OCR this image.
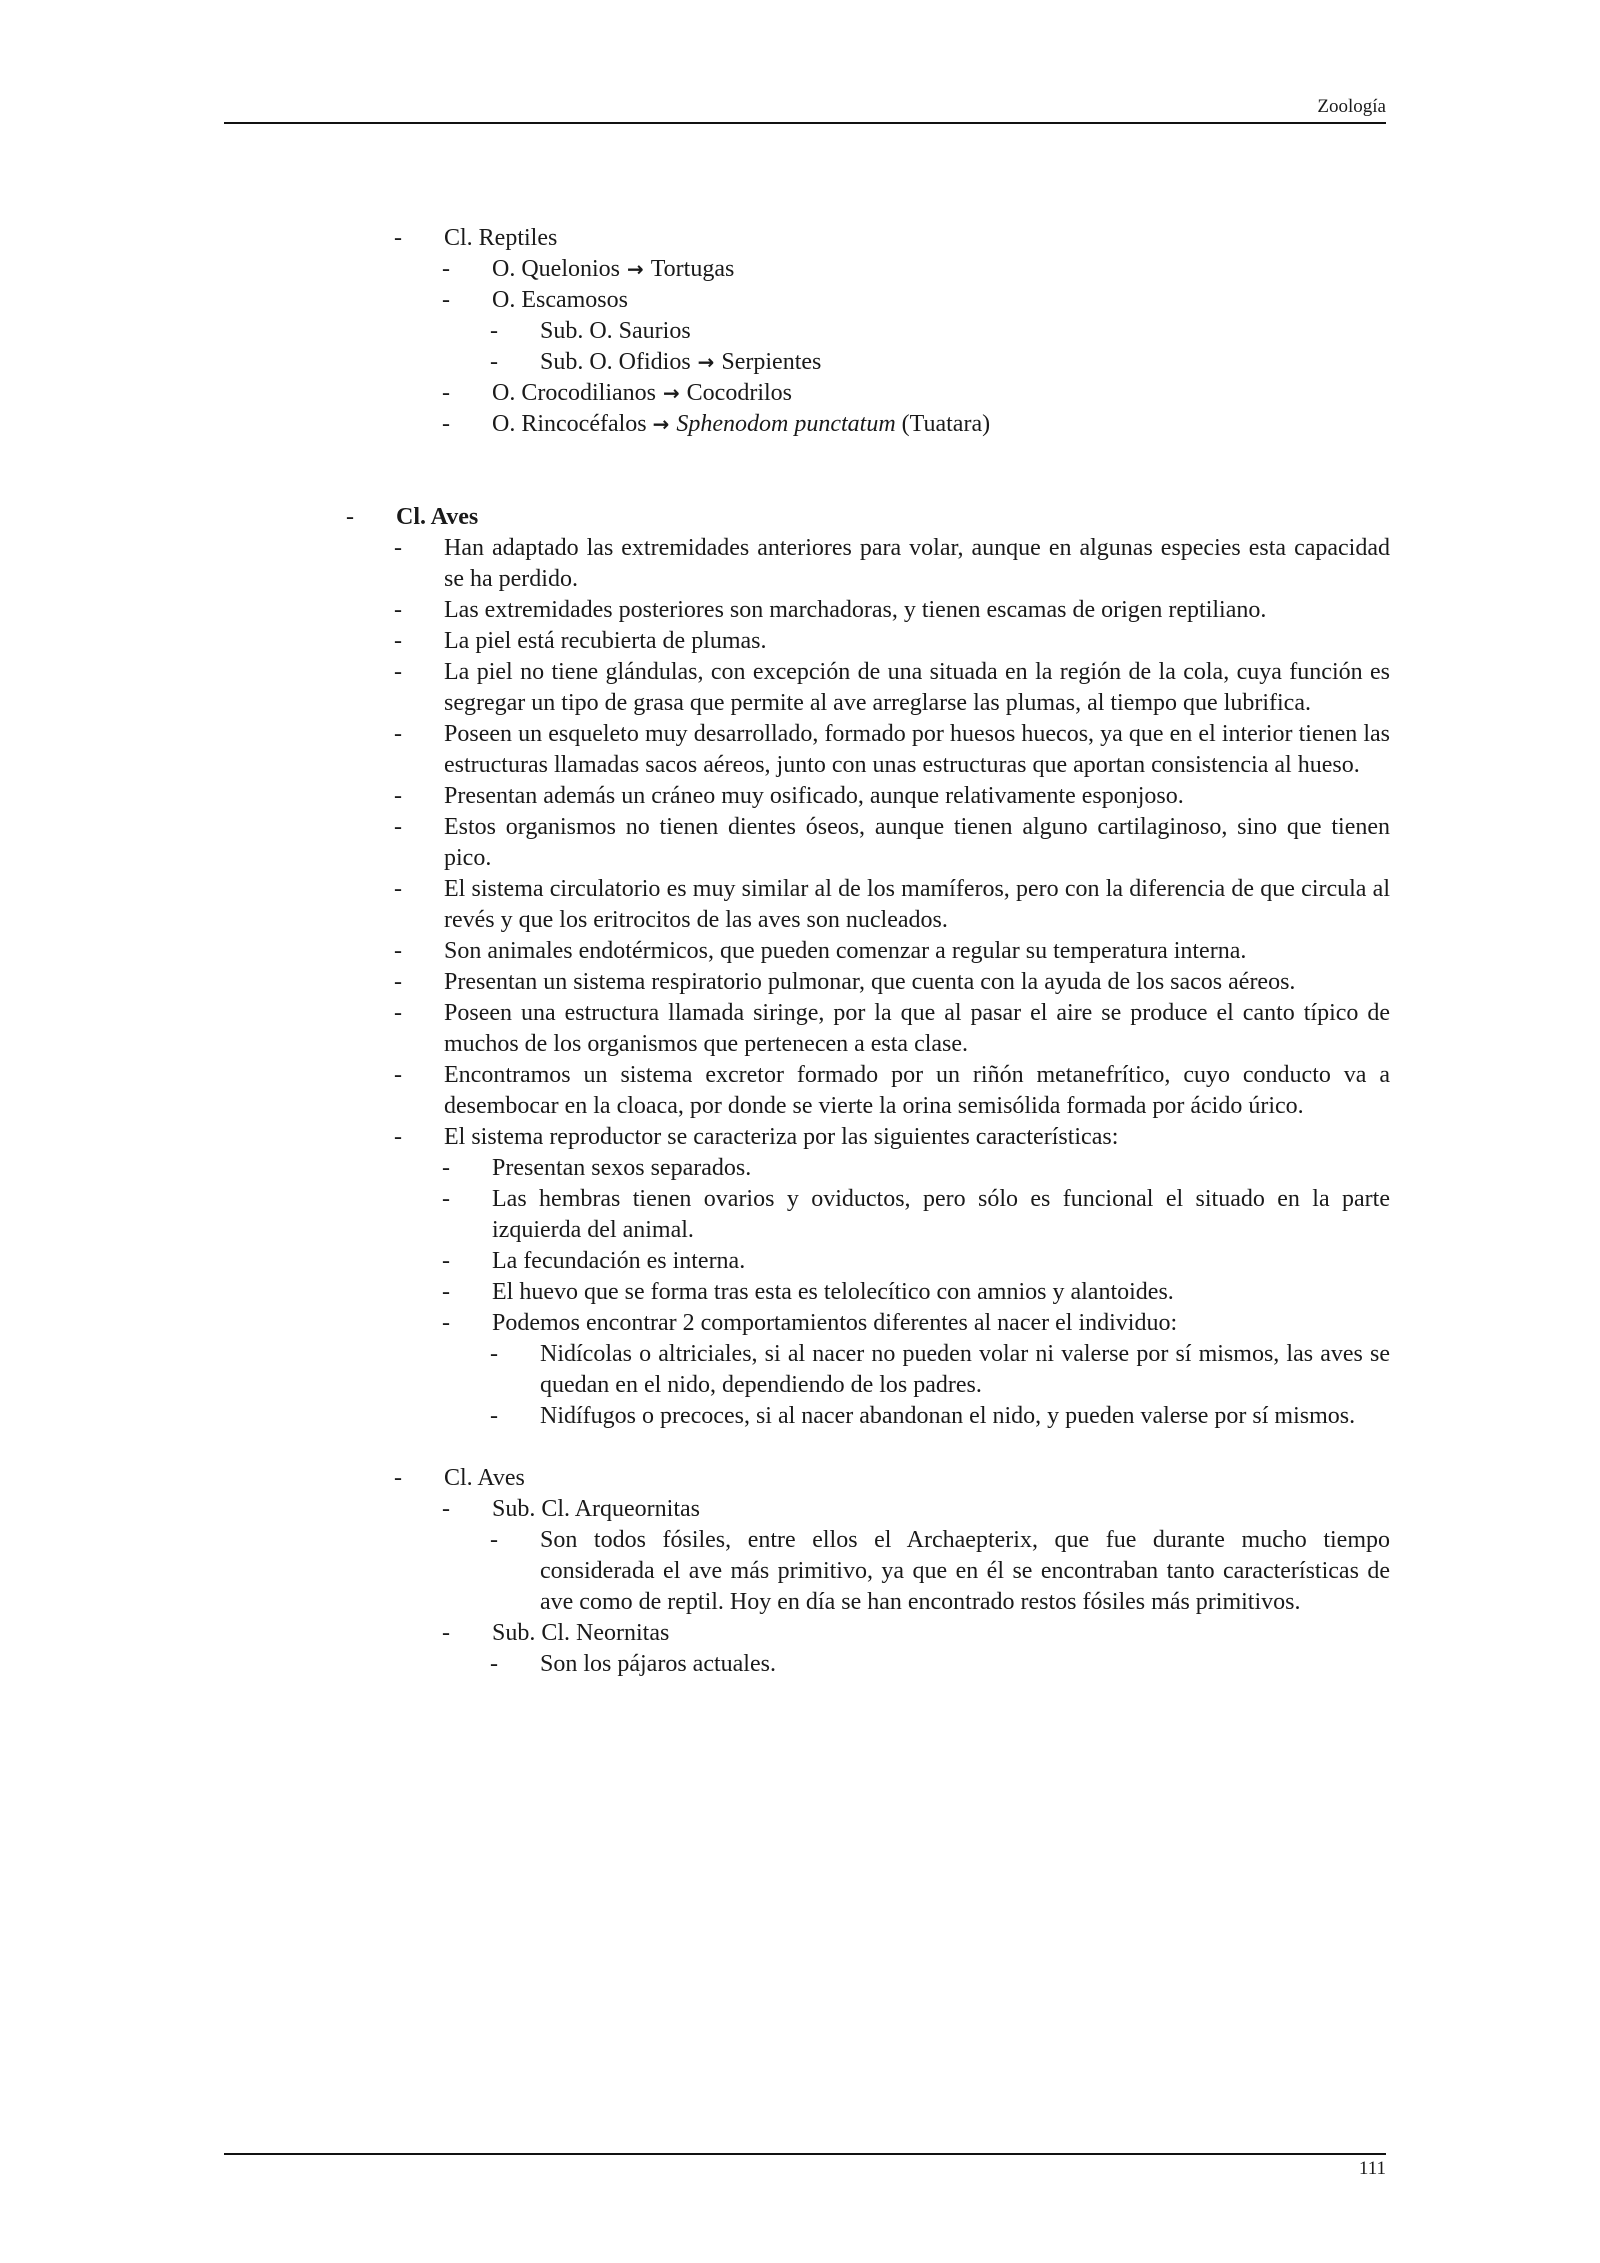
Zoología
- Cl. Reptiles
- O. Quelonios → Tortugas
- O. Escamosos
- Sub. O. Saurios
- Sub. O. Ofidios → Serpientes
- O. Crocodilianos → Cocodrilos
- O. Rincocéfalos → Sphenodom punctatum (Tuatara)
- Cl. Aves
- Han adaptado las extremidades anteriores para volar, aunque en algunas especies esta capacidad se ha perdido.
- Las extremidades posteriores son marchadoras, y tienen escamas de origen reptiliano.
- La piel está recubierta de plumas.
- La piel no tiene glándulas, con excepción de una situada en la región de la cola, cuya función es segregar un tipo de grasa que permite al ave arreglarse las plumas, al tiempo que lubrifica.
- Poseen un esqueleto muy desarrollado, formado por huesos huecos, ya que en el interior tienen las estructuras llamadas sacos aéreos, junto con unas estructuras que aportan consistencia al hueso.
- Presentan además un cráneo muy osificado, aunque relativamente esponjoso.
- Estos organismos no tienen dientes óseos, aunque tienen alguno cartilaginoso, sino que tienen pico.
- El sistema circulatorio es muy similar al de los mamíferos, pero con la diferencia de que circula al revés y que los eritrocitos de las aves son nucleados.
- Son animales endotérmicos, que pueden comenzar a regular su temperatura interna.
- Presentan un sistema respiratorio pulmonar, que cuenta con la ayuda de los sacos aéreos.
- Poseen una estructura llamada siringe, por la que al pasar el aire se produce el canto típico de muchos de los organismos que pertenecen a esta clase.
- Encontramos un sistema excretor formado por un riñón metanefrítico, cuyo conducto va a desembocar en la cloaca, por donde se vierte la orina semisólida formada por ácido úrico.
- El sistema reproductor se caracteriza por las siguientes características:
- Presentan sexos separados.
- Las hembras tienen ovarios y oviductos, pero sólo es funcional el situado en la parte izquierda del animal.
- La fecundación es interna.
- El huevo que se forma tras esta es telolecítico con amnios y alantoides.
- Podemos encontrar 2 comportamientos diferentes al nacer el individuo:
- Nidícolas o altriciales, si al nacer no pueden volar ni valerse por sí mismos, las aves se quedan en el nido, dependiendo de los padres.
- Nidífugos o precoces, si al nacer abandonan el nido, y pueden valerse por sí mismos.
- Cl. Aves
- Sub. Cl. Arqueornitas
- Son todos fósiles, entre ellos el Archaepterix, que fue durante mucho tiempo considerada el ave más primitivo, ya que en él se encontraban tanto características de ave como de reptil. Hoy en día se han encontrado restos fósiles más primitivos.
- Sub. Cl. Neornitas
- Son los pájaros actuales.
111
